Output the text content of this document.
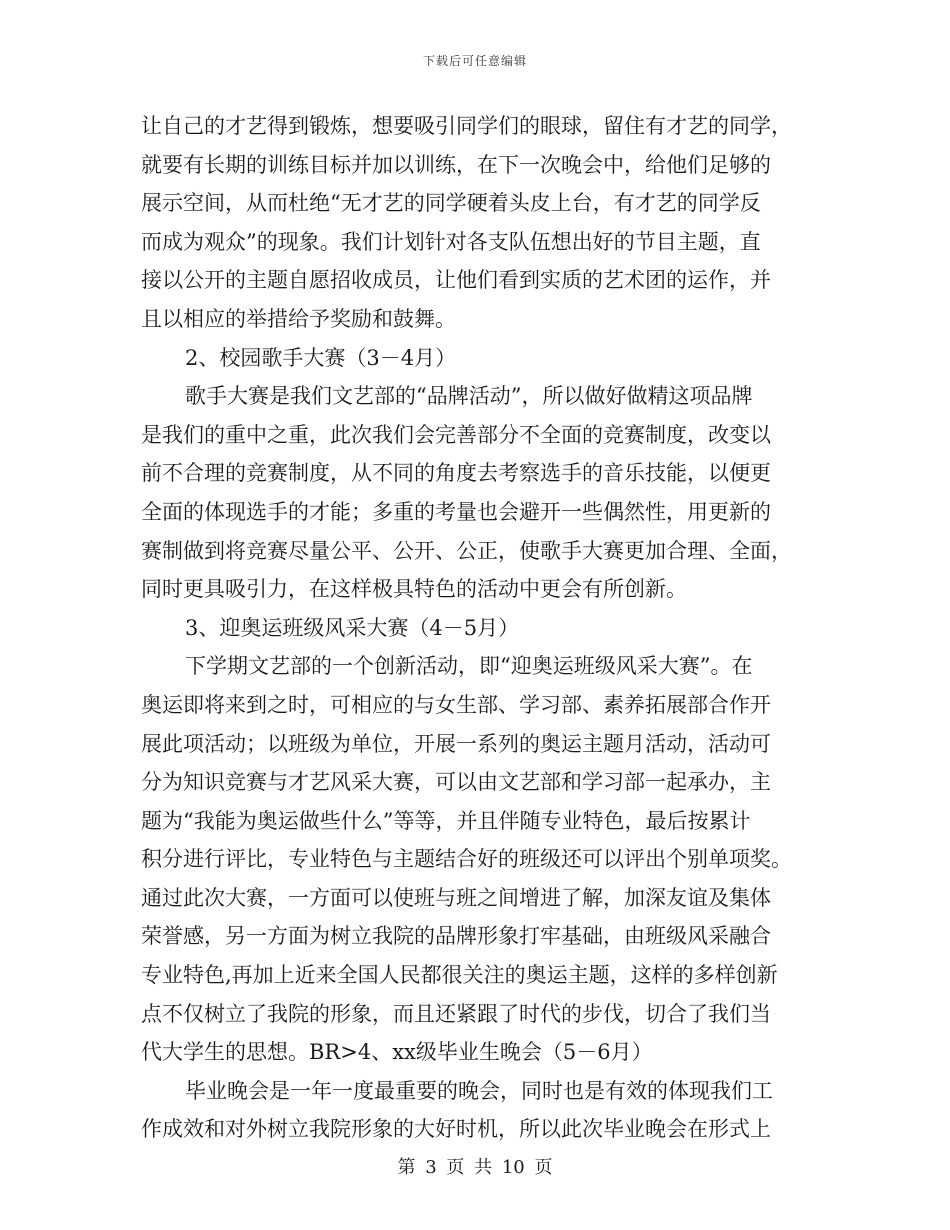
下载后可任意编辑
让自己的才艺得到锻炼，想要吸引同学们的眼球，留住有才艺的同学，
就要有长期的训练目标并加以训练，在下一次晚会中，给他们足够的
展示空间，从而杜绝“无才艺的同学硬着头皮上台，有才艺的同学反
而成为观众”的现象。我们计划针对各支队伍想出好的节目主题，直
接以公开的主题自愿招收成员，让他们看到实质的艺术团的运作，并
且以相应的举措给予奖励和鼓舞。
2、校园歌手大赛（3－4月）
歌手大赛是我们文艺部的“品牌活动”，所以做好做精这项品牌
是我们的重中之重，此次我们会完善部分不全面的竞赛制度，改变以
前不合理的竞赛制度，从不同的角度去考察选手的音乐技能，以便更
全面的体现选手的才能；多重的考量也会避开一些偶然性，用更新的
赛制做到将竞赛尽量公平、公开、公正，使歌手大赛更加合理、全面，
同时更具吸引力，在这样极具特色的活动中更会有所创新。
3、迎奥运班级风采大赛（4－5月）
下学期文艺部的一个创新活动，即“迎奥运班级风采大赛”。在
奥运即将来到之时，可相应的与女生部、学习部、素养拓展部合作开
展此项活动；以班级为单位，开展一系列的奥运主题月活动，活动可
分为知识竞赛与才艺风采大赛，可以由文艺部和学习部一起承办，主
题为“我能为奥运做些什么”等等，并且伴随专业特色，最后按累计
积分进行评比，专业特色与主题结合好的班级还可以评出个别单项奖。
通过此次大赛，一方面可以使班与班之间增进了解，加深友谊及集体
荣誉感，另一方面为树立我院的品牌形象打牢基础，由班级风采融合
专业特色,再加上近来全国人民都很关注的奥运主题，这样的多样创新
点不仅树立了我院的形象，而且还紧跟了时代的步伐，切合了我们当
代大学生的思想。BR>4、xx级毕业生晚会（5－6月）
毕业晚会是一年一度最重要的晚会，同时也是有效的体现我们工
作成效和对外树立我院形象的大好时机，所以此次毕业晚会在形式上
第 3 页 共 10 页
